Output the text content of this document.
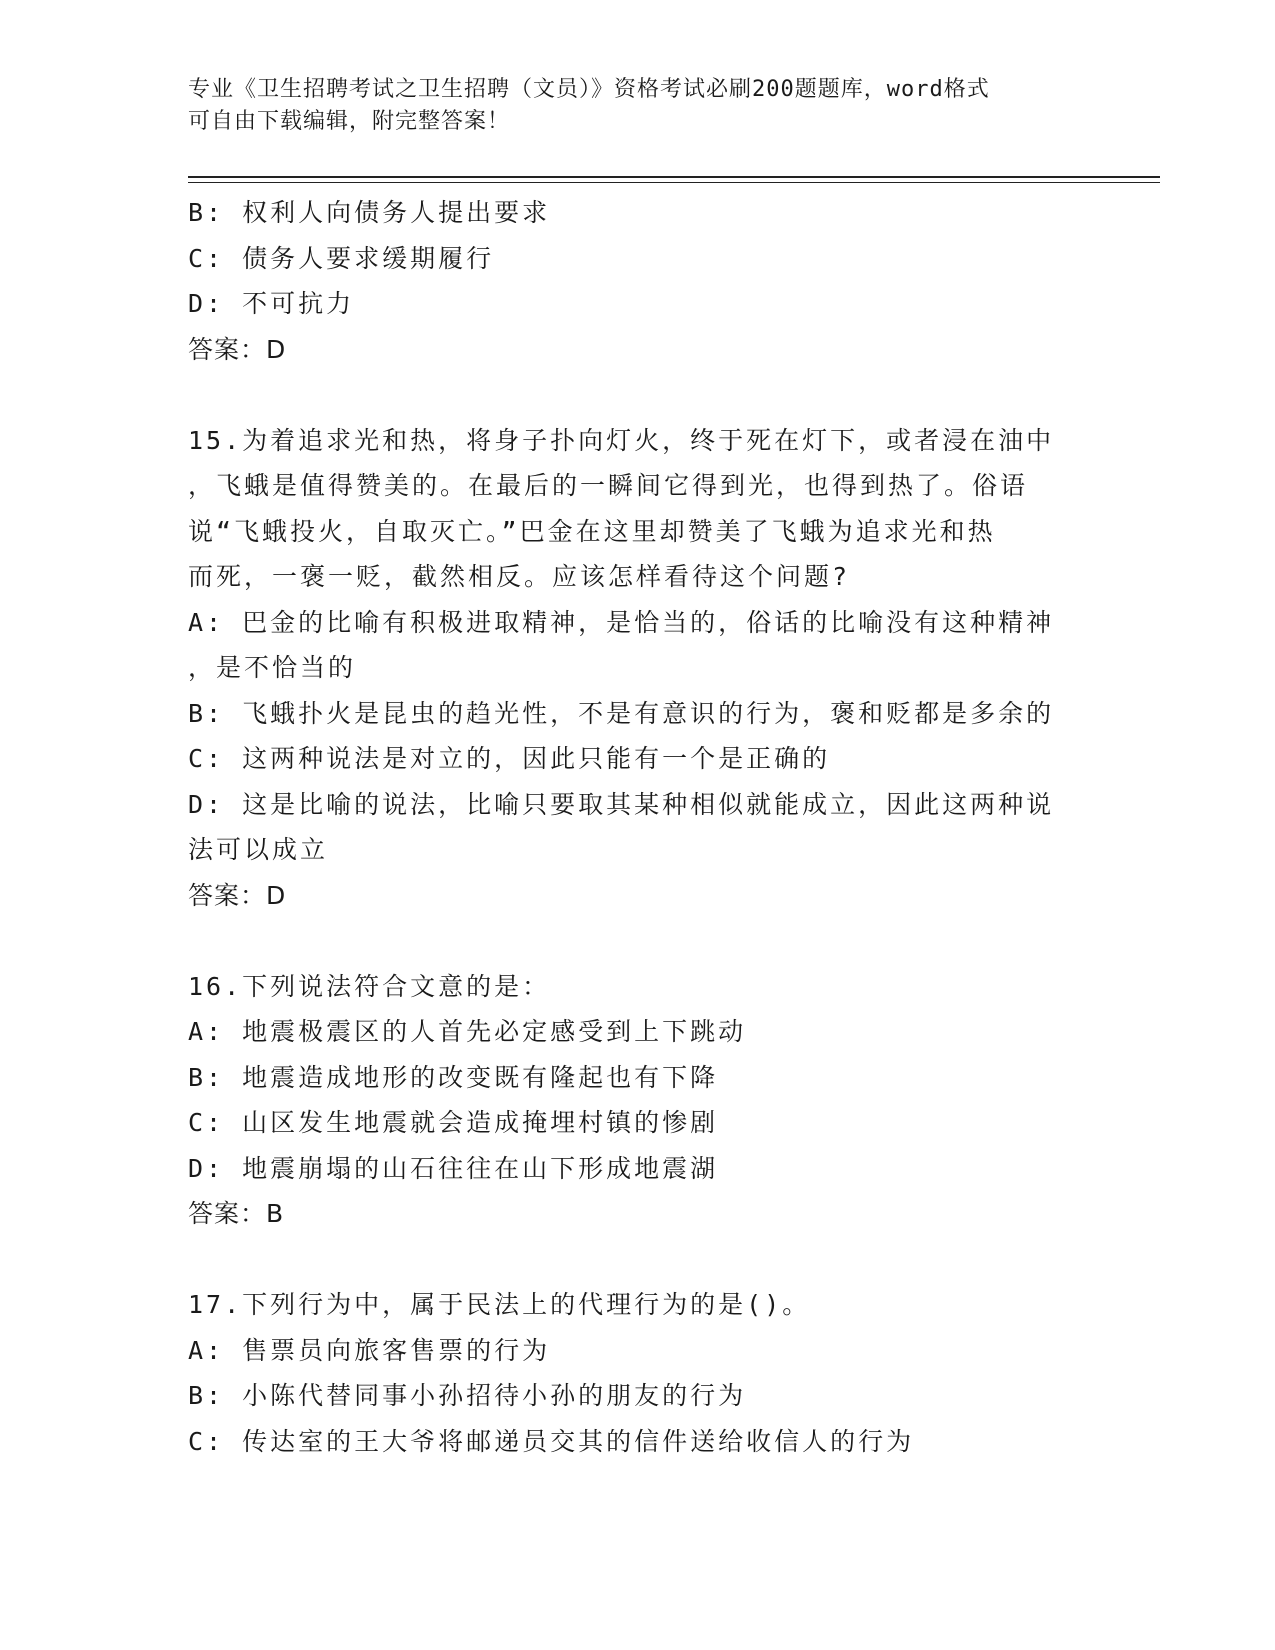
专业《卫生招聘考试之卫生招聘（文员）》资格考试必刷200题题库，word格式
可自由下载编辑，附完整答案！
B: 权利人向债务人提出要求
C: 债务人要求缓期履行
D: 不可抗力
答案：D
15.为着追求光和热，将身子扑向灯火，终于死在灯下，或者浸在油中
，飞蛾是值得赞美的。在最后的一瞬间它得到光，也得到热了。俗语
说“飞蛾投火，自取灭亡。”巴金在这里却赞美了飞蛾为追求光和热
而死，一褒一贬，截然相反。应该怎样看待这个问题?
A: 巴金的比喻有积极进取精神，是恰当的，俗话的比喻没有这种精神
，是不恰当的
B: 飞蛾扑火是昆虫的趋光性，不是有意识的行为，褒和贬都是多余的
C: 这两种说法是对立的，因此只能有一个是正确的
D: 这是比喻的说法，比喻只要取其某种相似就能成立，因此这两种说
法可以成立
答案：D
16.下列说法符合文意的是：
A: 地震极震区的人首先必定感受到上下跳动
B: 地震造成地形的改变既有隆起也有下降
C: 山区发生地震就会造成掩埋村镇的惨剧
D: 地震崩塌的山石往往在山下形成地震湖
答案：B
17.下列行为中，属于民法上的代理行为的是()。
A: 售票员向旅客售票的行为
B: 小陈代替同事小孙招待小孙的朋友的行为
C: 传达室的王大爷将邮递员交其的信件送给收信人的行为
